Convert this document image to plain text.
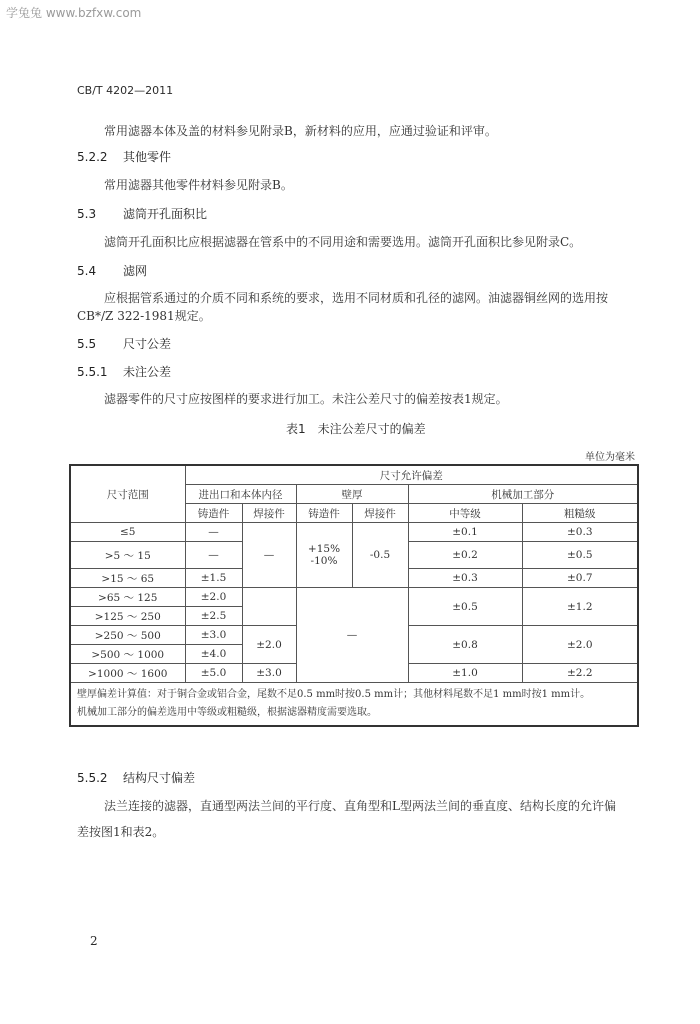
学兔兔 www.bzfxw.com
CB/T 4202—2011
常用滤器本体及盖的材料参见附录B，新材料的应用，应通过验证和评审。
5.2.2 其他零件
常用滤器其他零件材料参见附录B。
5.3 滤筒开孔面积比
滤筒开孔面积比应根据滤器在管系中的不同用途和需要选用。滤筒开孔面积比参见附录C。
5.4 滤网
应根据管系通过的介质不同和系统的要求，选用不同材质和孔径的滤网。油滤器铜丝网的选用按
CB*/Z 322-1981规定。
5.5 尺寸公差
5.5.1 未注公差
滤器零件的尺寸应按图样的要求进行加工。未注公差尺寸的偏差按表1规定。
表1　未注公差尺寸的偏差
单位为毫米
尺寸范围	尺寸允许偏差					
	进出口和本体内径		壁厚		机械加工部分	
	铸造件	焊接件	铸造件	焊接件	中等级	粗糙级
≤5	—	—	+15%
-10%	-0.5	±0.1	±0.3
>5 ～ 15	—				±0.2	±0.5
>15 ～ 65	±1.5				±0.3	±0.7
>65 ～ 125	±2.0		—		±0.5	±1.2
>125 ～ 250	±2.5					
>250 ～ 500	±3.0	±2.0			±0.8	±2.0
>500 ～ 1000	±4.0					
>1000 ～ 1600	±5.0	±3.0			±1.0	±2.2
壁厚偏差计算值：对于铜合金或铝合金，尾数不足0.5 mm时按0.5 mm计；其他材料尾数不足1 mm时按1 mm计。
机械加工部分的偏差选用中等级或粗糙级，根据滤器精度需要选取。						
5.5.2 结构尺寸偏差
法兰连接的滤器，直通型两法兰间的平行度、直角型和L型两法兰间的垂直度、结构长度的允许偏
差按图1和表2。
2
